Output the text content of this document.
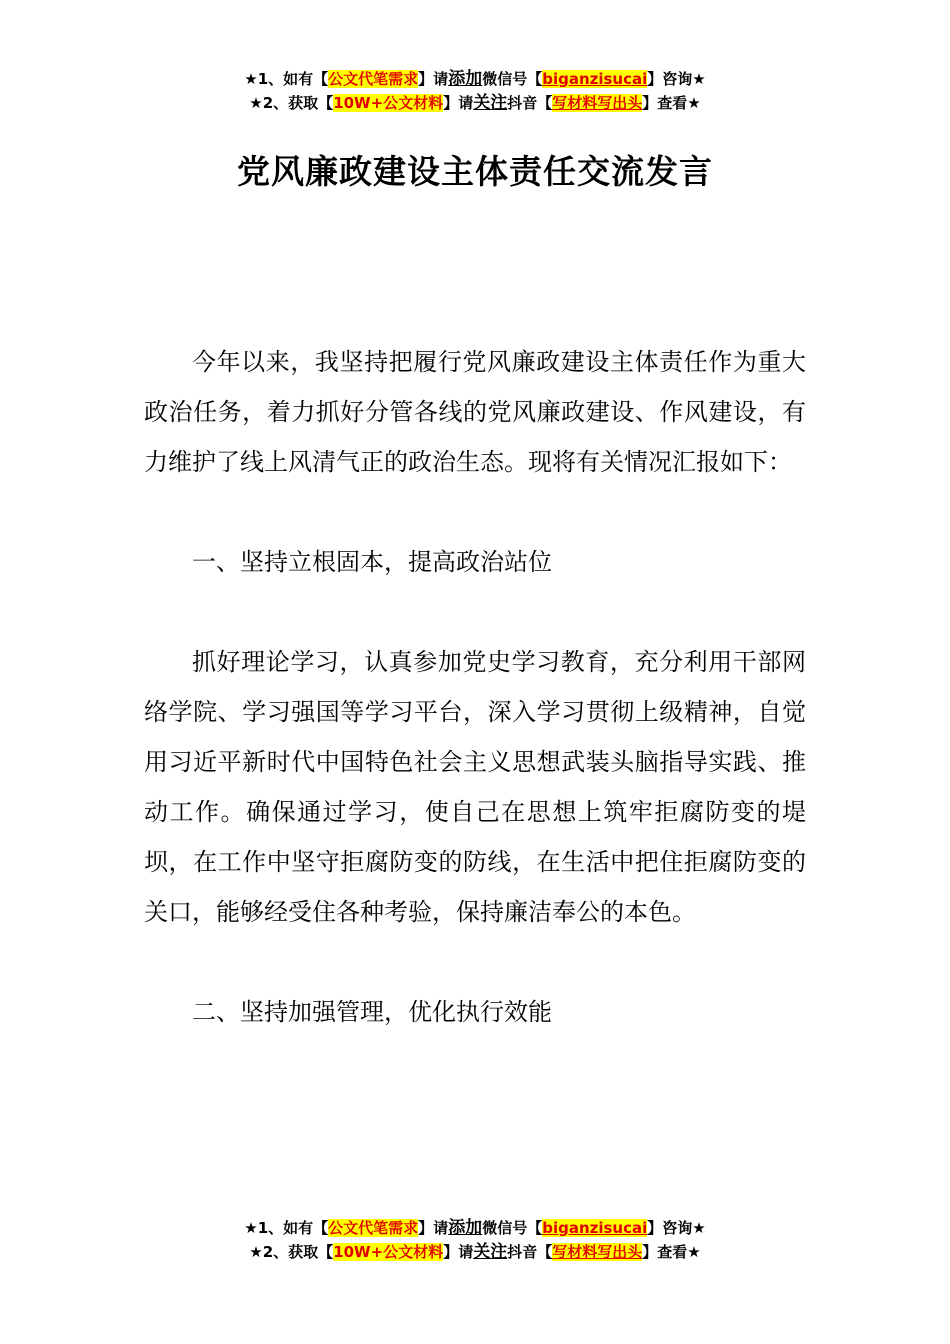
★1、如有【公文代笔需求】请添加微信号【biganzisucai】咨询★
★2、获取【10W+公文材料】请关注抖音【写材料写出头】查看★
党风廉政建设主体责任交流发言

今年以来，我坚持把履行党风廉政建设主体责任作为重大政治任务，着力抓好分管各线的党风廉政建设、作风建设，有力维护了线上风清气正的政治生态。现将有关情况汇报如下：

一、坚持立根固本，提高政治站位

抓好理论学习，认真参加党史学习教育，充分利用干部网络学院、学习强国等学习平台，深入学习贯彻上级精神，自觉用习近平新时代中国特色社会主义思想武装头脑指导实践、推动工作。确保通过学习，使自己在思想上筑牢拒腐防变的堤坝，在工作中坚守拒腐防变的防线，在生活中把住拒腐防变的关口，能够经受住各种考验，保持廉洁奉公的本色。

二、坚持加强管理，优化执行效能

★1、如有【公文代笔需求】请添加微信号【biganzisucai】咨询★
★2、获取【10W+公文材料】请关注抖音【写材料写出头】查看★
